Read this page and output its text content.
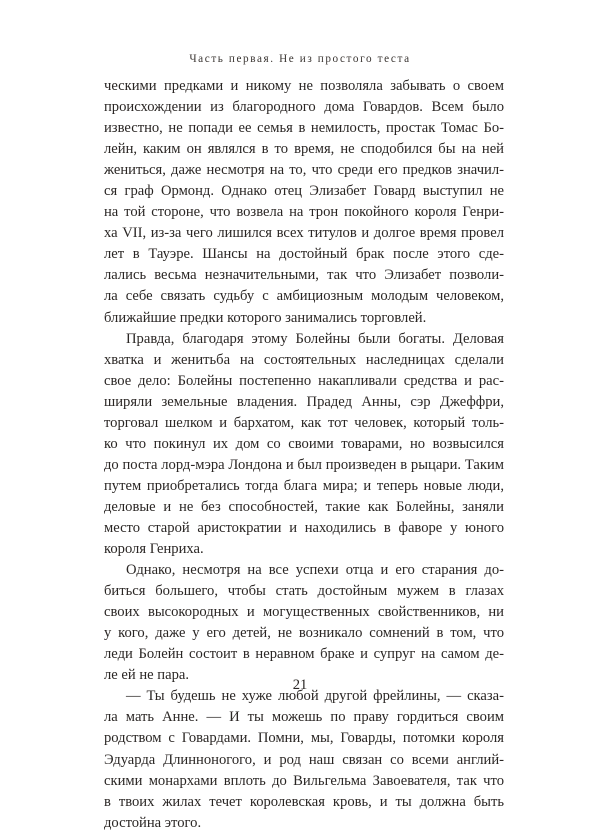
Часть первая. Не из простого теста
ческими предками и никому не позволяла забывать о своем
происхождении из благородного дома Говардов. Всем было
известно, не попади ее семья в немилость, простак Томас Бо-
лейн, каким он являлся в то время, не сподобился бы на ней
жениться, даже несмотря на то, что среди его предков значил-
ся граф Ормонд. Однако отец Элизабет Говард выступил не
на той стороне, что возвела на трон покойного короля Генри-
ха VII, из-за чего лишился всех титулов и долгое время провел
лет в Тауэре. Шансы на достойный брак после этого сде-
лались весьма незначительными, так что Элизабет позволи-
ла себе связать судьбу с амбициозным молодым человеком,
ближайшие предки которого занимались торговлей.
Правда, благодаря этому Болейны были богаты. Деловая
хватка и женитьба на состоятельных наследницах сделали
свое дело: Болейны постепенно накапливали средства и рас-
ширяли земельные владения. Прадед Анны, сэр Джеффри,
торговал шелком и бархатом, как тот человек, который толь-
ко что покинул их дом со своими товарами, но возвысился
до поста лорд-мэра Лондона и был произведен в рыцари. Таким
путем приобретались тогда блага мира; и теперь новые люди,
деловые и не без способностей, такие как Болейны, заняли
место старой аристократии и находились в фаворе у юного
короля Генриха.
Однако, несмотря на все успехи отца и его старания до-
биться большего, чтобы стать достойным мужем в глазах
своих высокородных и могущественных свойственников, ни
у кого, даже у его детей, не возникало сомнений в том, что
леди Болейн состоит в неравном браке и супруг на самом де-
ле ей не пара.
— Ты будешь не хуже любой другой фрейлины, — сказа-
ла мать Анне. — И ты можешь по праву гордиться своим
родством с Говардами. Помни, мы, Говарды, потомки короля
Эдуарда Длинноногого, и род наш связан со всеми англий-
скими монархами вплоть до Вильгельма Завоевателя, так что
в твоих жилах течет королевская кровь, и ты должна быть
достойна этого.
21
